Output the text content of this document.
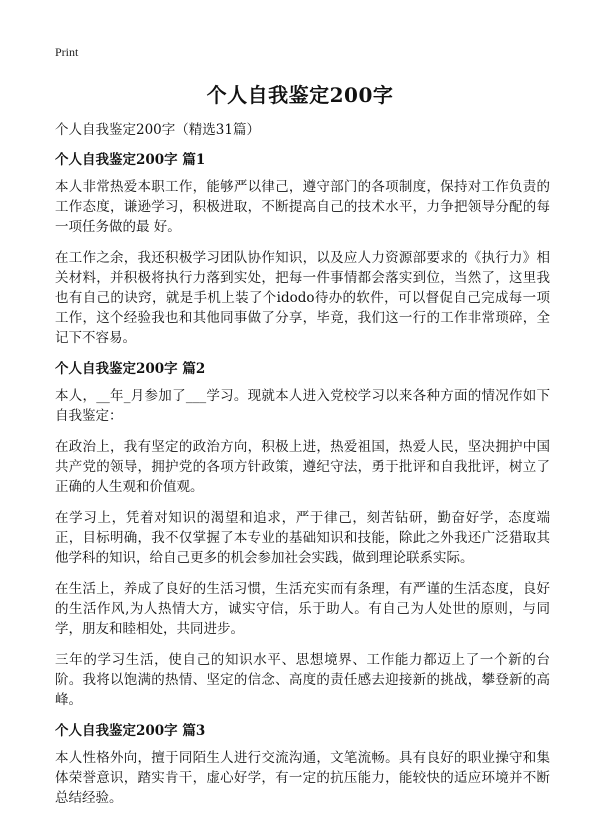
Print
个人自我鉴定200字

个人自我鉴定200字（精选31篇）

个人自我鉴定200字 篇1

本人非常热爱本职工作，能够严以律己，遵守部门的各项制度，保持对工作负责的工作态度，谦逊学习，积极进取，不断提高自己的技术水平，力争把领导分配的每一项任务做的最 好。

在工作之余，我还积极学习团队协作知识，以及应人力资源部要求的《执行力》相关材料，并积极将执行力落到实处，把每一件事情都会落实到位，当然了，这里我也有自己的诀窍，就是手机上装了个idodo待办的软件，可以督促自己完成每一项工作，这个经验我也和其他同事做了分享，毕竟，我们这一行的工作非常琐碎，全记下不容易。

个人自我鉴定200字 篇2

本人，__年_月参加了___学习。现就本人进入党校学习以来各种方面的情况作如下自我鉴定：

在政治上，我有坚定的政治方向，积极上进，热爱祖国，热爱人民，坚决拥护中国共产党的领导，拥护党的各项方针政策，遵纪守法，勇于批评和自我批评，树立了正确的人生观和价值观。

在学习上，凭着对知识的渴望和追求，严于律己，刻苦钻研，勤奋好学，态度端正，目标明确，我不仅掌握了本专业的基础知识和技能，除此之外我还广泛猎取其他学科的知识，给自己更多的机会参加社会实践，做到理论联系实际。

在生活上，养成了良好的生活习惯，生活充实而有条理，有严谨的生活态度，良好的生活作风,为人热情大方，诚实守信，乐于助人。有自己为人处世的原则，与同学，朋友和睦相处，共同进步。

三年的学习生活，使自己的知识水平、思想境界、工作能力都迈上了一个新的台阶。我将以饱满的热情、坚定的信念、高度的责任感去迎接新的挑战，攀登新的高峰。

个人自我鉴定200字 篇3

本人性格外向，擅于同陌生人进行交流沟通，文笔流畅。具有良好的职业操守和集体荣誉意识，踏实肯干，虚心好学，有一定的抗压能力，能较快的适应环境并不断总结经验。
